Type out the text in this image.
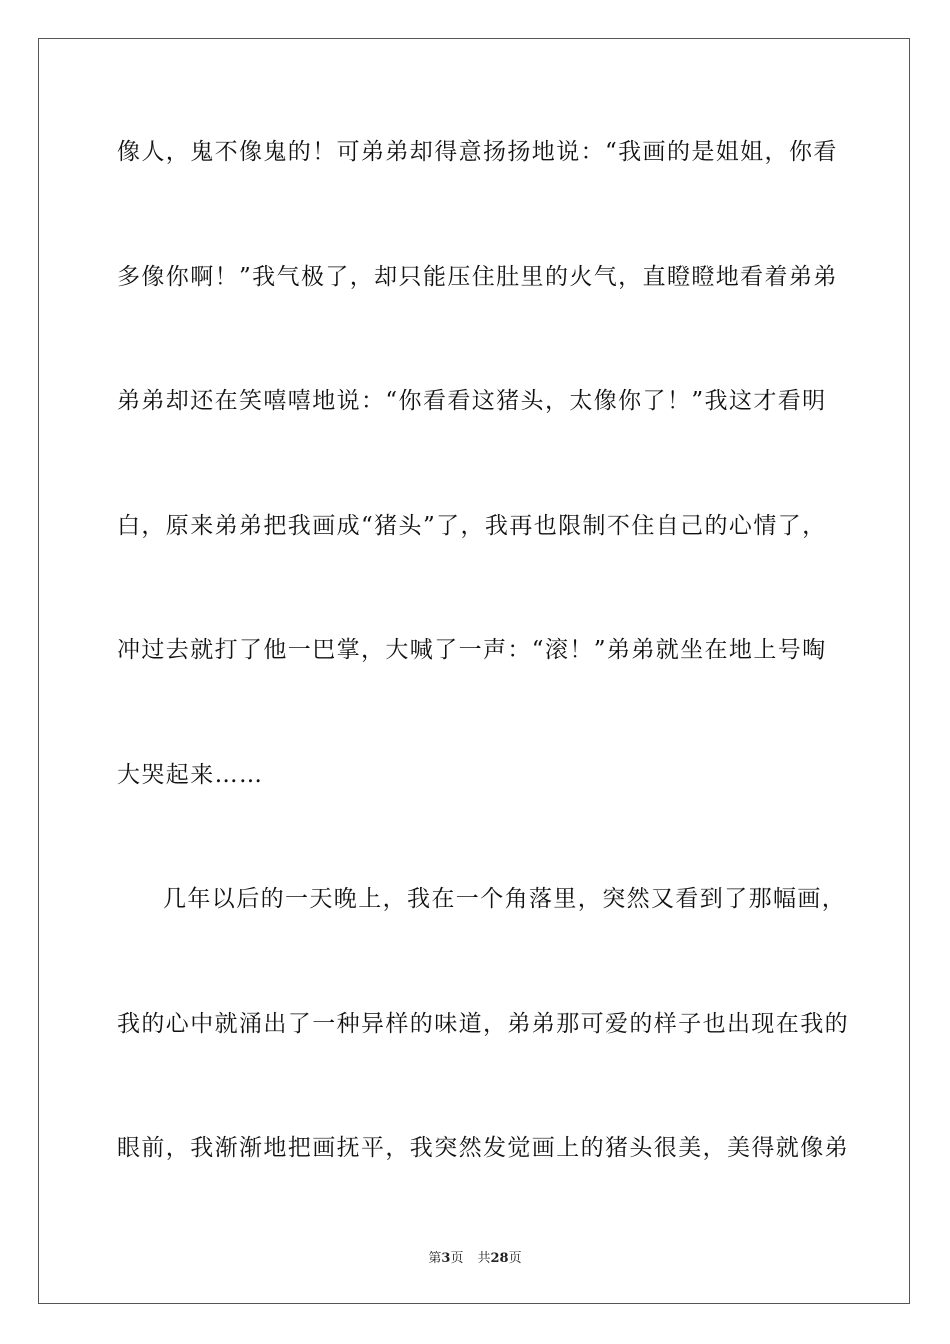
像人，鬼不像鬼的！可弟弟却得意扬扬地说：“我画的是姐姐，你看
多像你啊！”我气极了，却只能压住肚里的火气，直瞪瞪地看着弟弟
弟弟却还在笑嘻嘻地说：“你看看这猪头，太像你了！”我这才看明
白，原来弟弟把我画成“猪头”了，我再也限制不住自己的心情了，
冲过去就打了他一巴掌，大喊了一声：“滚！”弟弟就坐在地上号啕
大哭起来……
几年以后的一天晚上，我在一个角落里，突然又看到了那幅画，
我的心中就涌出了一种异样的味道，弟弟那可爱的样子也出现在我的
眼前，我渐渐地把画抚平，我突然发觉画上的猪头很美，美得就像弟
第3页 共28页
